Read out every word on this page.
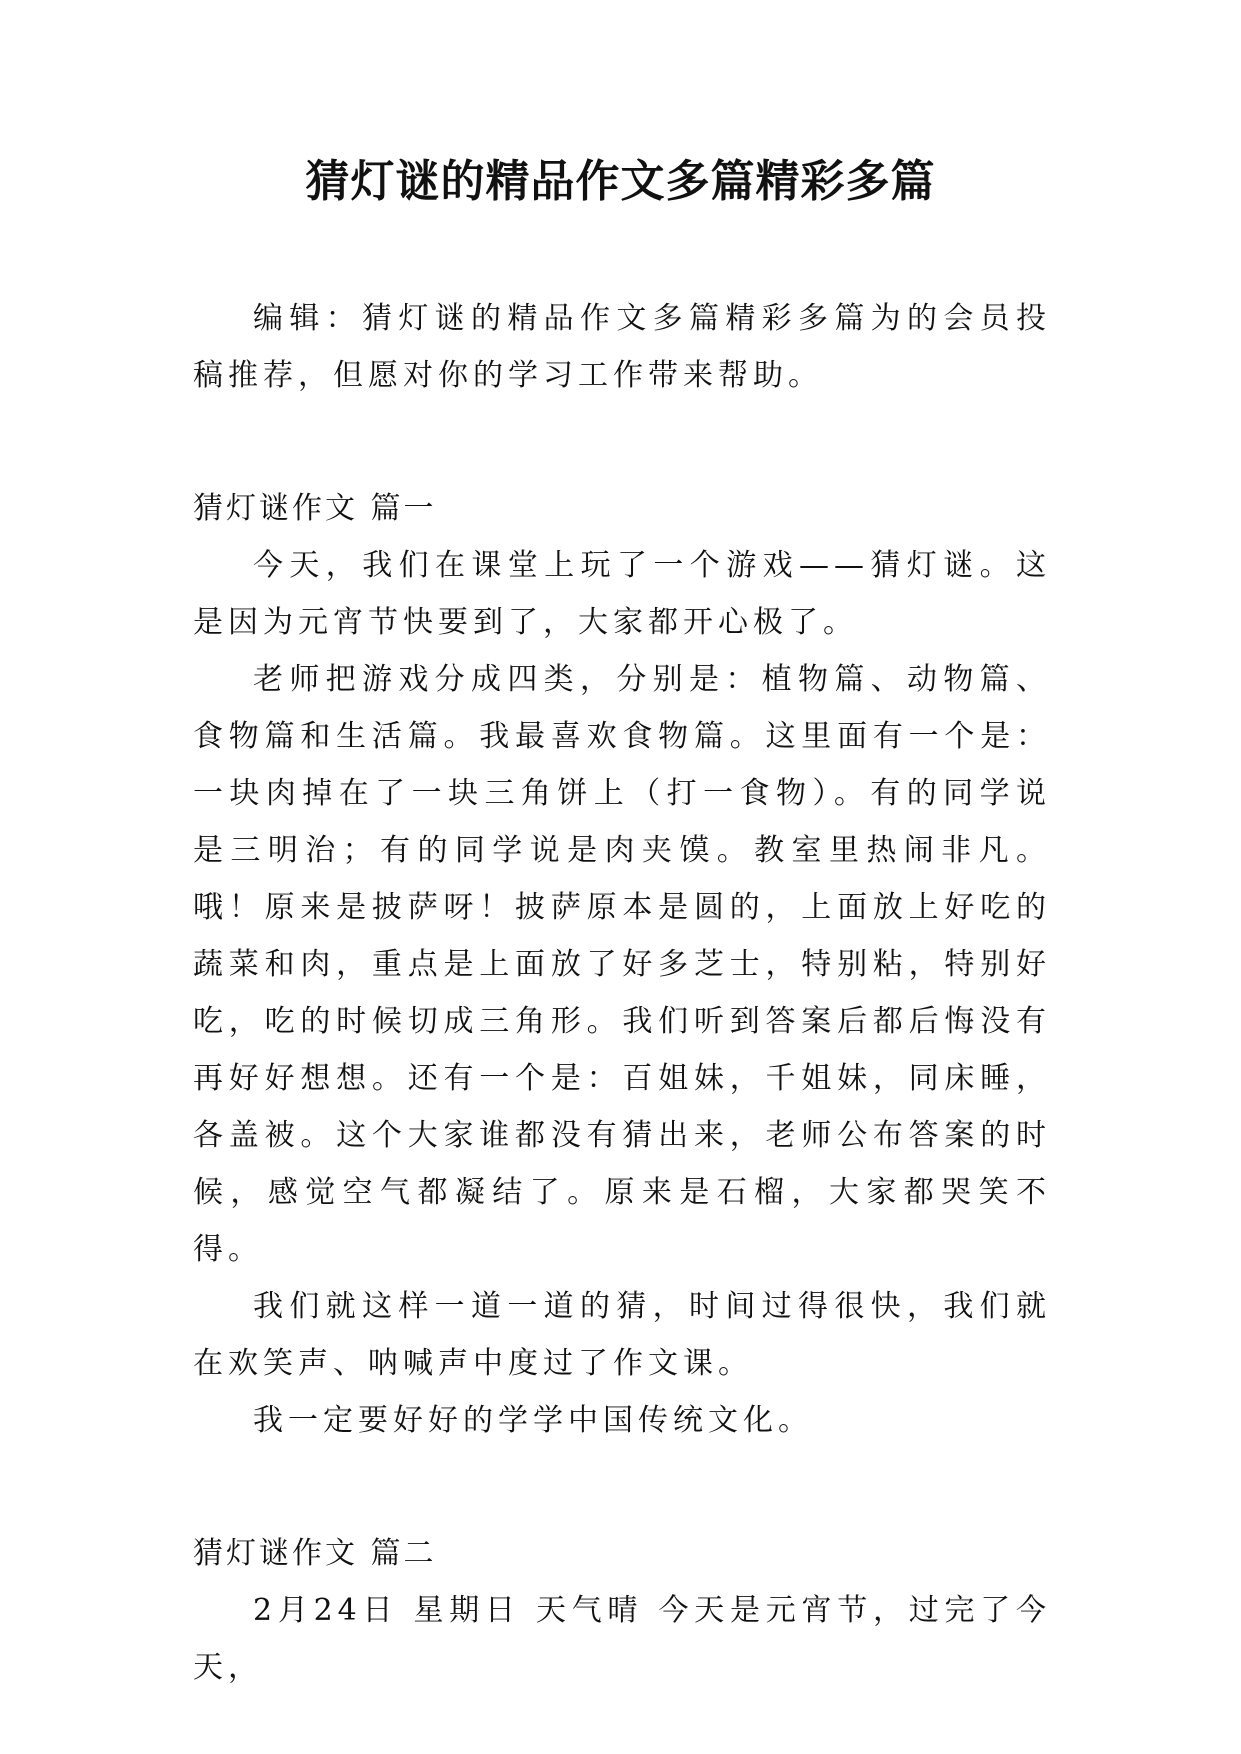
猜灯谜的精品作文多篇精彩多篇

编辑：猜灯谜的精品作文多篇精彩多篇为的会员投稿推荐，但愿对你的学习工作带来帮助。

猜灯谜作文 篇一

今天，我们在课堂上玩了一个游戏——猜灯谜。这是因为元宵节快要到了，大家都开心极了。

老师把游戏分成四类，分别是：植物篇、动物篇、食物篇和生活篇。我最喜欢食物篇。这里面有一个是：一块肉掉在了一块三角饼上（打一食物）。有的同学说是三明治；有的同学说是肉夹馍。教室里热闹非凡。哦！原来是披萨呀！披萨原本是圆的，上面放上好吃的蔬菜和肉，重点是上面放了好多芝士，特别粘，特别好吃，吃的时候切成三角形。我们听到答案后都后悔没有再好好想想。还有一个是：百姐妹，千姐妹，同床睡，各盖被。这个大家谁都没有猜出来，老师公布答案的时候，感觉空气都凝结了。原来是石榴，大家都哭笑不得。

我们就这样一道一道的猜，时间过得很快，我们就在欢笑声、呐喊声中度过了作文课。

我一定要好好的学学中国传统文化。

猜灯谜作文 篇二

2月24日 星期日 天气晴 今天是元宵节，过完了今天，
